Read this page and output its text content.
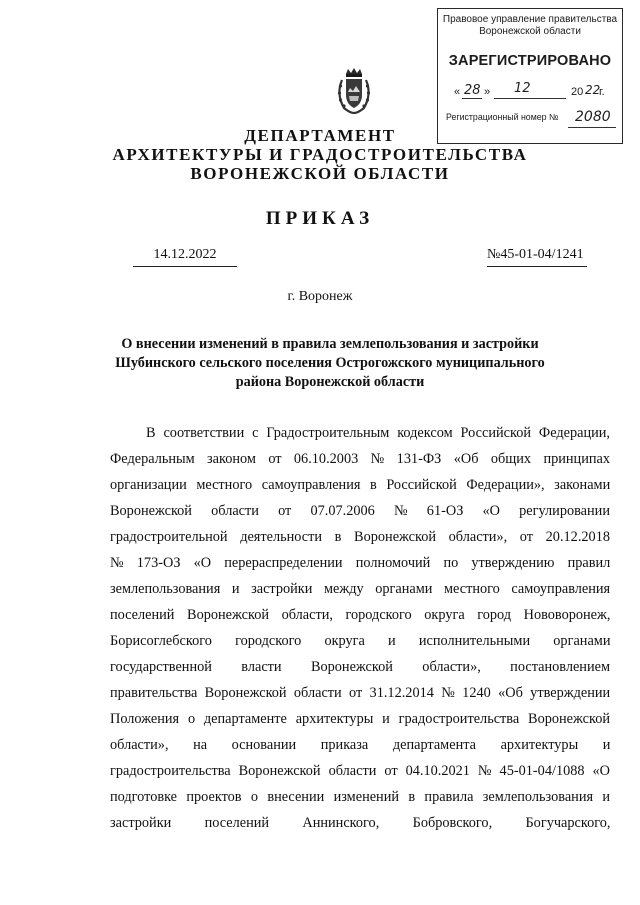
Правовое управление правительства
Воронежской области
ЗАРЕГИСТРИРОВАНО
« 28 » 12	20 22
г.
Регистрационный номер № 2080
ДЕПАРТАМЕНТ
АРХИТЕКТУРЫ И ГРАДОСТРОИТЕЛЬСТВА
ВОРОНЕЖСКОЙ ОБЛАСТИ
ПРИКАЗ
14.12.2022	№45-01-04/1241
г. Воронеж
О внесении изменений в правила землепользования и застройки
Шубинского сельского поселения Острогожского муниципального
района Воронежской области
В соответствии с Градостроительным кодексом Российской Федерации,
Федеральным законом от 06.10.2003 № 131-ФЗ «Об общих принципах
организации местного самоуправления в Российской Федерации», законами
Воронежской области от 07.07.2006 № 61-ОЗ «О регулировании
градостроительной деятельности в Воронежской области», от 20.12.2018
№ 173-ОЗ «О перераспределении полномочий по утверждению правил
землепользования и застройки между органами местного самоуправления
поселений Воронежской области, городского округа город Нововоронеж,
Борисоглебского городского округа и исполнительными органами
государственной власти Воронежской области», постановлением
правительства Воронежской области от 31.12.2014 № 1240 «Об утверждении
Положения о департаменте архитектуры и градостроительства Воронежской
области», на основании приказа департамента архитектуры и
градостроительства Воронежской области от 04.10.2021 № 45-01-04/1088 «О
подготовке проектов о внесении изменений в правила землепользования и
застройки поселений Аннинского, Бобровского, Богучарского,
